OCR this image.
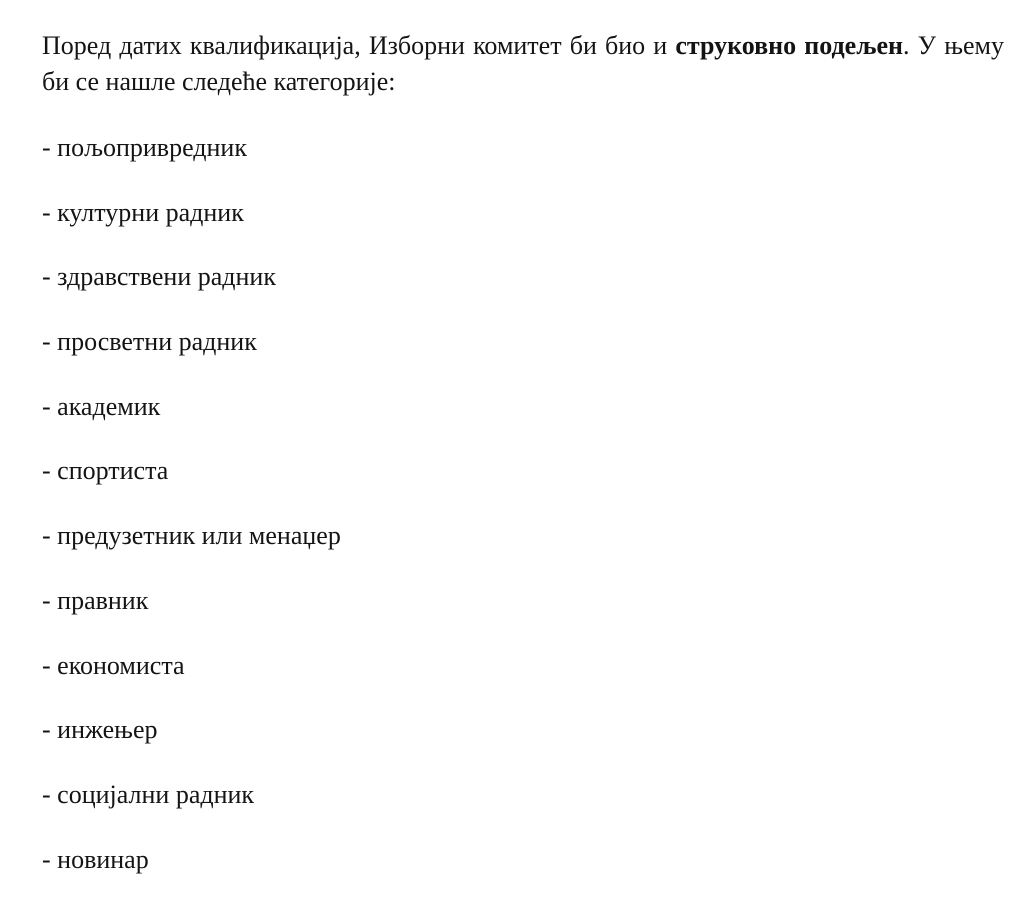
Поред датих квалификација, Изборни комитет би био и струковно подељен. У њему би се нашле следеће категорије:

- пољопривредник
- културни радник
- здравствени радник
- просветни радник
- академик
- спортиста
- предузетник или менаџер
- правник
- економиста
- инжењер
- социјални радник
- новинар
